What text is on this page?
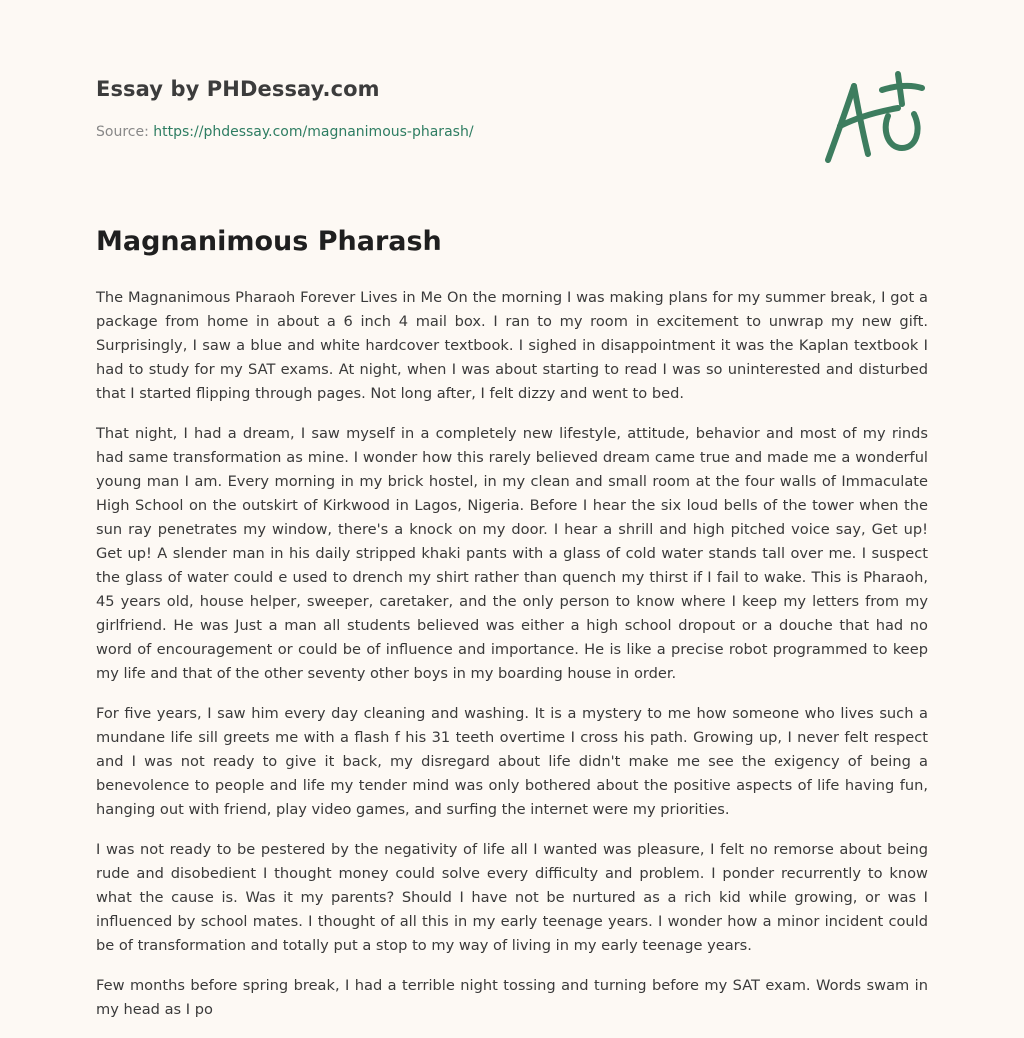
Essay by PHDessay.com
Source: https://phdessay.com/magnanimous-pharash/
Magnanimous Pharash

The Magnanimous Pharaoh Forever Lives in Me On the morning I was making plans for my summer break, I got a package from home in about a 6 inch 4 mail box. I ran to my room in excitement to unwrap my new gift. Surprisingly, I saw a blue and white hardcover textbook. I sighed in disappointment it was the Kaplan textbook I had to study for my SAT exams. At night, when I was about starting to read I was so uninterested and disturbed that I started flipping through pages. Not long after, I felt dizzy and went to bed.

That night, I had a dream, I saw myself in a completely new lifestyle, attitude, behavior and most of my rinds had same transformation as mine. I wonder how this rarely believed dream came true and made me a wonderful young man I am. Every morning in my brick hostel, in my clean and small room at the four walls of Immaculate High School on the outskirt of Kirkwood in Lagos, Nigeria. Before I hear the six loud bells of the tower when the sun ray penetrates my window, there's a knock on my door. I hear a shrill and high pitched voice say, Get up! Get up! A slender man in his daily stripped khaki pants with a glass of cold water stands tall over me. I suspect the glass of water could e used to drench my shirt rather than quench my thirst if I fail to wake. This is Pharaoh, 45 years old, house helper, sweeper, caretaker, and the only person to know where I keep my letters from my girlfriend. He was Just a man all students believed was either a high school dropout or a douche that had no word of encouragement or could be of influence and importance. He is like a precise robot programmed to keep my life and that of the other seventy other boys in my boarding house in order.

For five years, I saw him every day cleaning and washing. It is a mystery to me how someone who lives such a mundane life sill greets me with a flash f his 31 teeth overtime I cross his path. Growing up, I never felt respect and I was not ready to give it back, my disregard about life didn't make me see the exigency of being a benevolence to people and life my tender mind was only bothered about the positive aspects of life having fun, hanging out with friend, play video games, and surfing the internet were my priorities.

I was not ready to be pestered by the negativity of life all I wanted was pleasure, I felt no remorse about being rude and disobedient I thought money could solve every difficulty and problem. I ponder recurrently to know what the cause is. Was it my parents? Should I have not be nurtured as a rich kid while growing, or was I influenced by school mates. I thought of all this in my early teenage years. I wonder how a minor incident could be of transformation and totally put a stop to my way of living in my early teenage years.

Few months before spring break, I had a terrible night tossing and turning before my SAT exam. Words swam in my head as I po
